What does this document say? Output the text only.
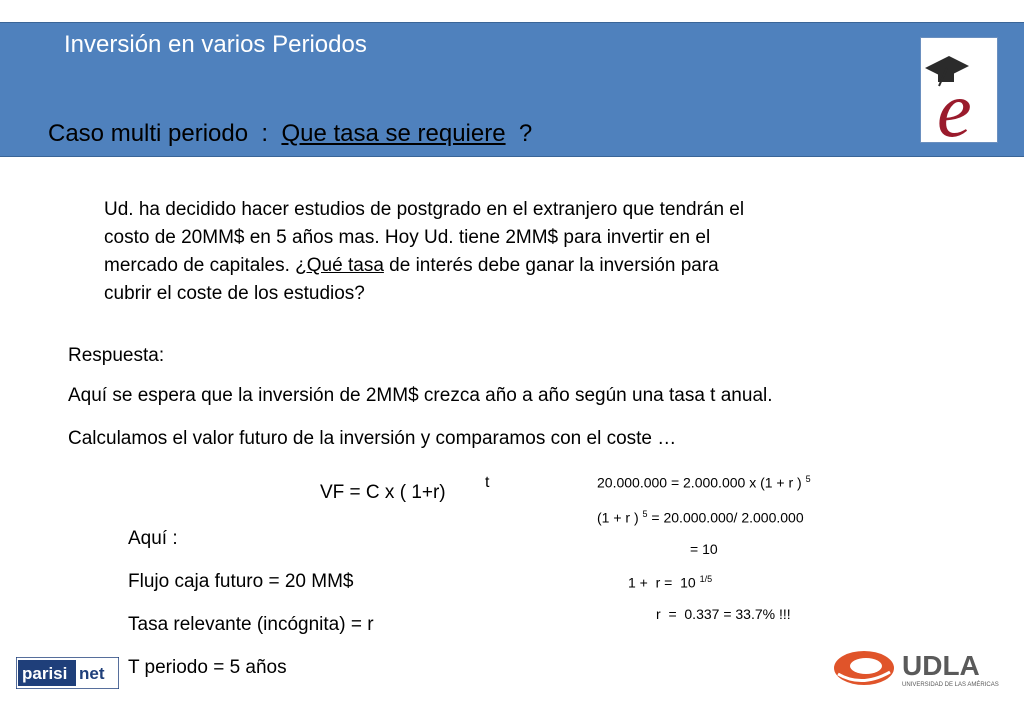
Inversión en varios Periodos
Caso multi periodo  :  Que tasa se requiere  ?	e
Ud. ha decidido hacer estudios de postgrado en el extranjero que tendrán el
costo de 20MM$ en 5 años mas. Hoy Ud. tiene 2MM$ para invertir en el
mercado de capitales. ¿Qué tasa de interés debe ganar la inversión para
cubrir el coste de los estudios?
Respuesta:
Aquí se espera que la inversión de 2MM$ crezca año a año según una tasa t anual.
Calculamos el valor futuro de la inversión y comparamos con el coste …
VF = C x ( 1+r) t
Aquí :
Flujo caja futuro = 20 MM$
Tasa relevante (incógnita) = r
T periodo = 5 años
20.000.000 = 2.000.000 x (1 + r ) $^5$
(1 + r ) $^5$ = 20.000.000/ 2.000.000
= 10
1 +  r =  10 $^{1/5}$
r  =  0.337 = 33.7% !!!
parisi net	UDLA
UNIVERSIDAD DE LAS AMÉRICAS
